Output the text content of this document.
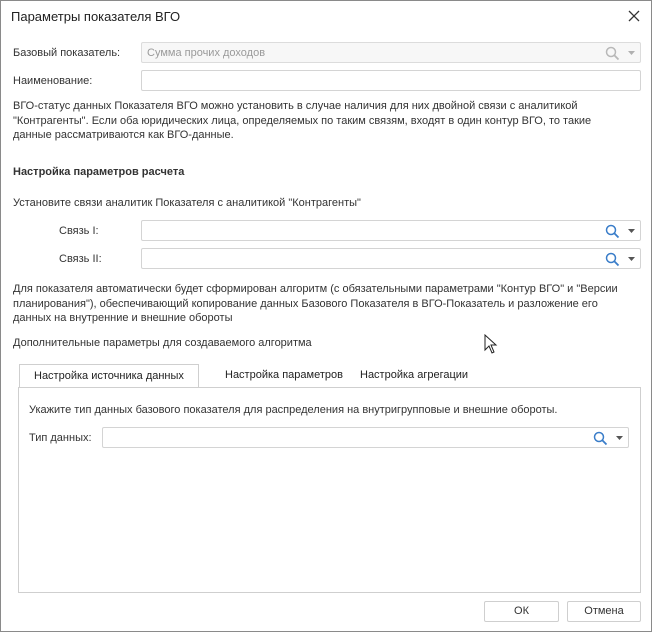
Параметры показателя ВГО
Базовый показатель: Сумма прочих доходов
Наименование:
ВГО-статус данных Показателя ВГО можно установить в случае наличия для них двойной связи с аналитикой
"Контрагенты". Если оба юридических лица, определяемых по таким связям, входят в один контур ВГО, то такие
данные рассматриваются как ВГО-данные.
Настройка параметров расчета
Установите связи аналитик Показателя с аналитикой "Контрагенты"
Связь I:
Связь II:
Для показателя автоматически будет сформирован алгоритм (с обязательными параметрами "Контур ВГО" и "Версии
планирования"), обеспечивающий копирование данных Базового Показателя в ВГО-Показатель и разложение его
данных на внутренние и внешние обороты
Дополнительные параметры для создаваемого алгоритма
Настройка источника данных	Настройка параметров	Настройка агрегации
Укажите тип данных базового показателя для распределения на внутригрупповые и внешние обороты.
Тип данных:
ОК	Отмена
